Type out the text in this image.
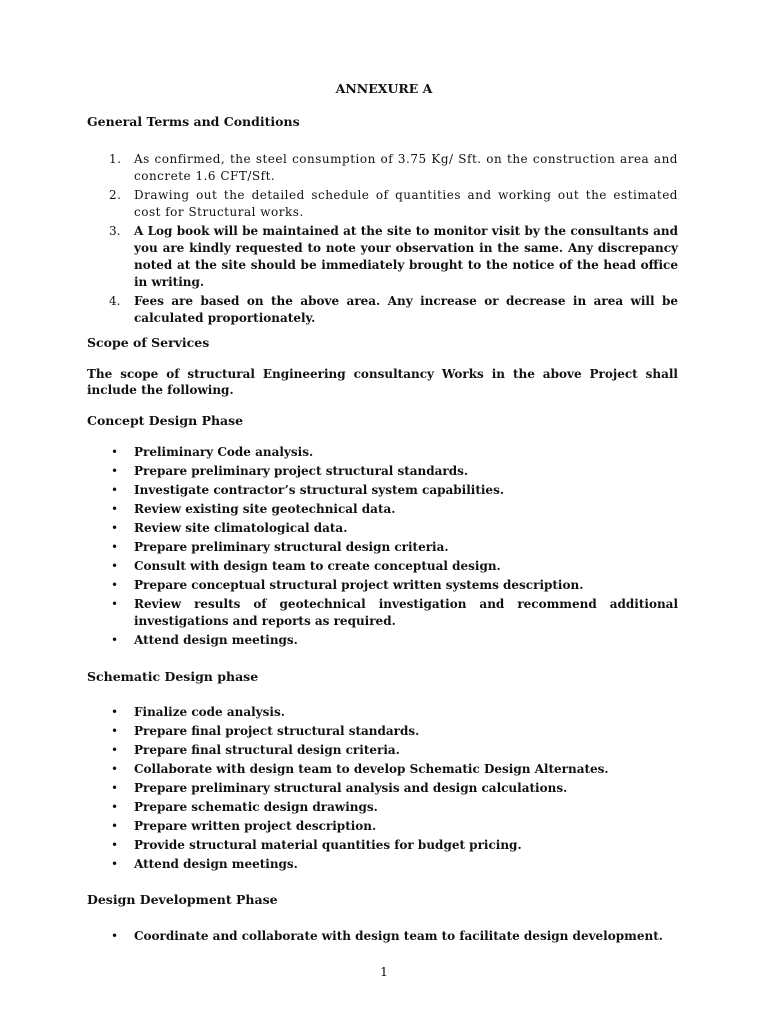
ANNEXURE A
General Terms and Conditions
1. As confirmed, the steel consumption of 3.75 Kg/ Sft. on the construction area and concrete 1.6 CFT/Sft.
2. Drawing out the detailed schedule of quantities and working out the estimated cost for Structural works.
3. A Log book will be maintained at the site to monitor visit by the consultants and you are kindly requested to note your observation in the same. Any discrepancy noted at the site should be immediately brought to the notice of the head office in writing.
4. Fees are based on the above area. Any increase or decrease in area will be calculated proportionately.
Scope of Services
The scope of structural Engineering consultancy Works in the above Project shall include the following.
Concept Design Phase
• Preliminary Code analysis.
• Prepare preliminary project structural standards.
• Investigate contractor’s structural system capabilities.
• Review existing site geotechnical data.
• Review site climatological data.
• Prepare preliminary structural design criteria.
• Consult with design team to create conceptual design.
• Prepare conceptual structural project written systems description.
• Review results of geotechnical investigation and recommend additional investigations and reports as required.
• Attend design meetings.
Schematic Design phase
• Finalize code analysis.
• Prepare final project structural standards.
• Prepare final structural design criteria.
• Collaborate with design team to develop Schematic Design Alternates.
• Prepare preliminary structural analysis and design calculations.
• Prepare schematic design drawings.
• Prepare written project description.
• Provide structural material quantities for budget pricing.
• Attend design meetings.
Design Development Phase
• Coordinate and collaborate with design team to facilitate design development.
1
